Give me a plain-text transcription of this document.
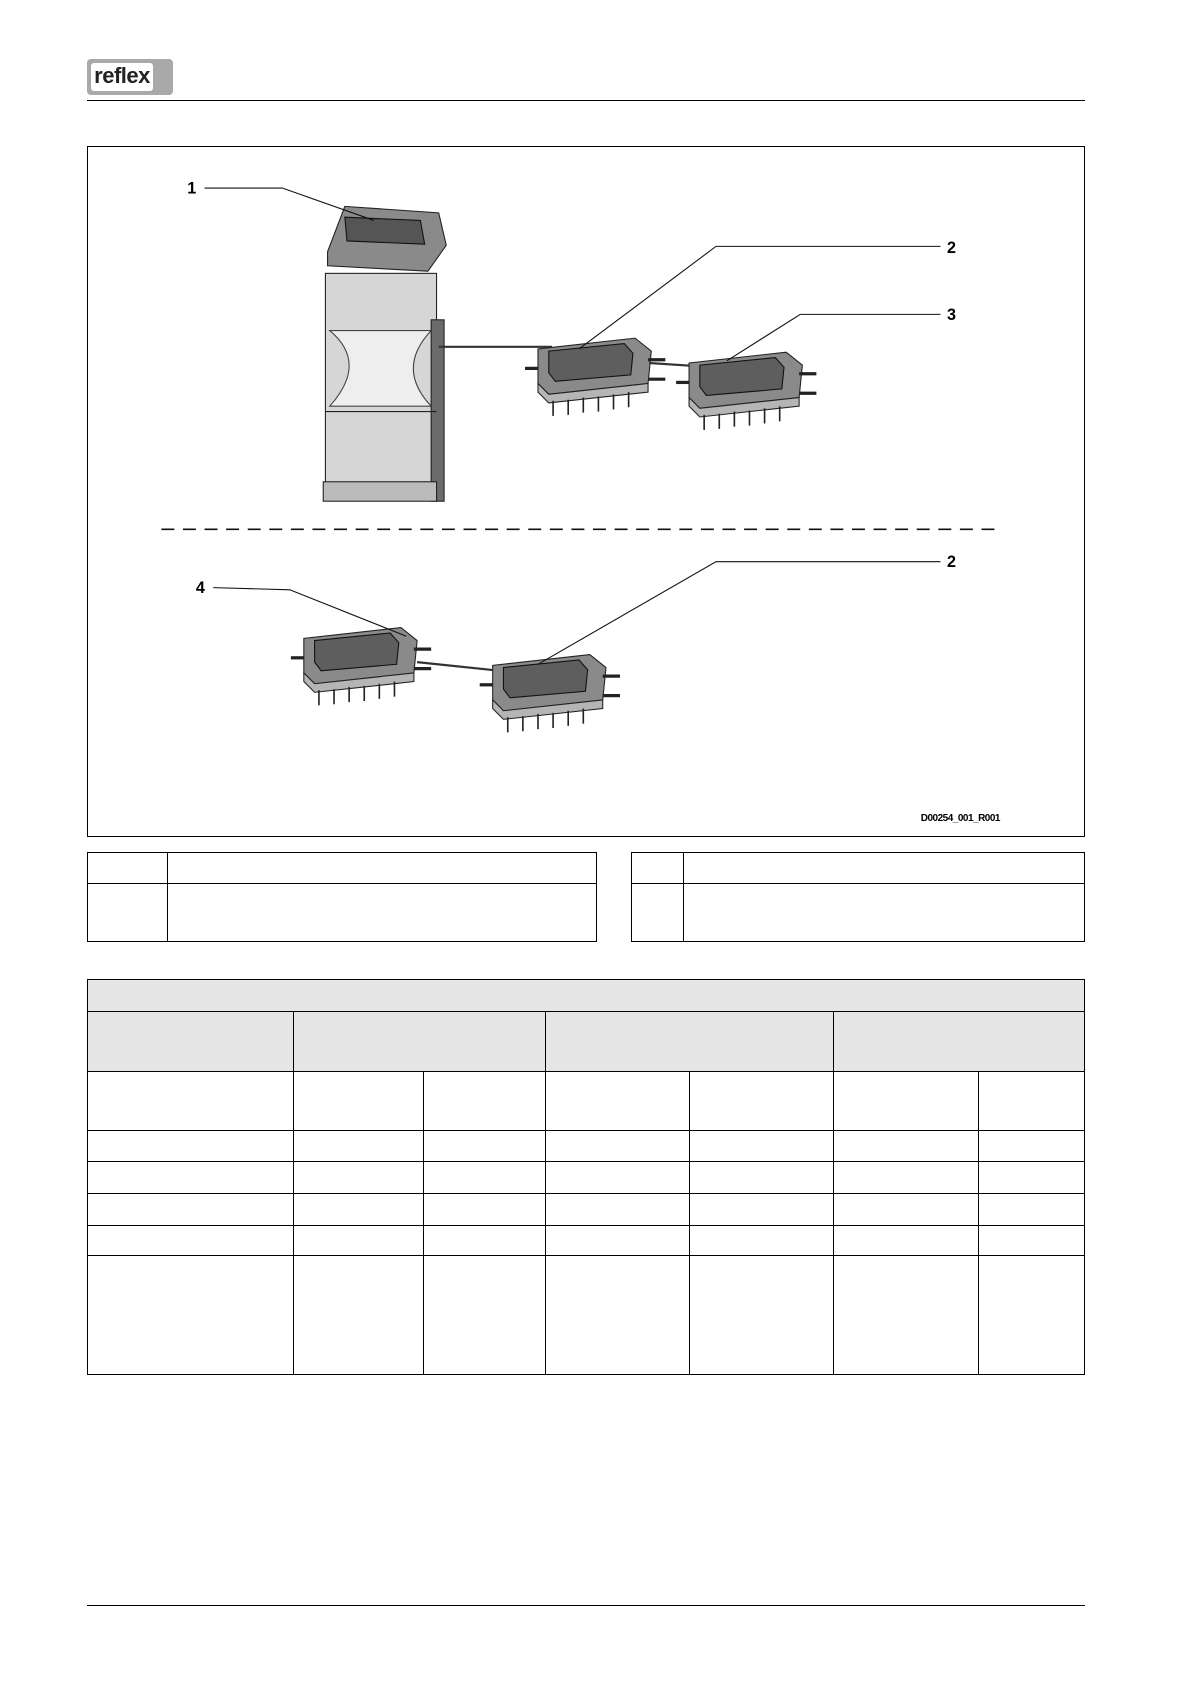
reflex
1
2
3
4
2
D00254_001_R001
